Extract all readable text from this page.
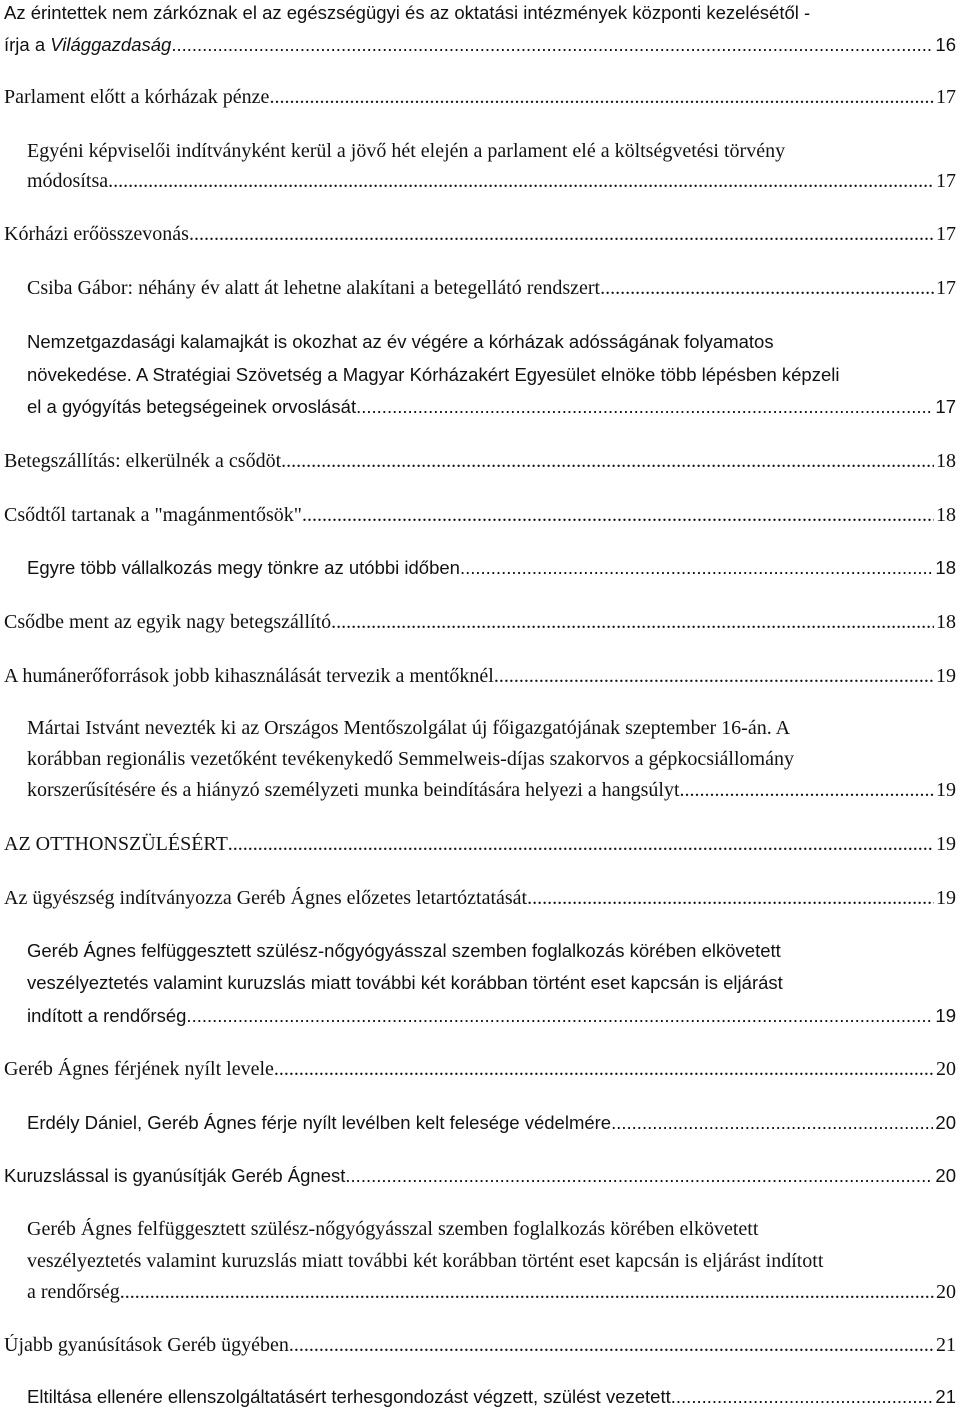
Az érintettek nem zárkóznak el az egészségügyi és az oktatási intézmények központi kezelésétől -
írja a Világgazdaság. .....	16
Parlament előtt a kórházak pénze .....	17
Egyéni képviselői indítványként kerül a jövő hét elején a parlament elé a költségvetési törvény
módosítsa. .....	17
Kórházi erőösszevonás .....	17
Csiba Gábor: néhány év alatt át lehetne alakítani a betegellátó rendszert .....	17
Nemzetgazdasági kalamajkát is okozhat az év végére a kórházak adósságának folyamatos
növekedése. A Stratégiai Szövetség a Magyar Kórházakért Egyesület elnöke több lépésben képzeli
el a gyógyítás betegségeinek orvoslását. .....	17
Betegszállítás: elkerülnék a csődöt .....	18
Csődtől tartanak a "magánmentősök" .....	18
Egyre több vállalkozás megy tönkre az utóbbi időben .....	18
Csődbe ment az egyik nagy betegszállító .....	18
A humánerőforrások jobb kihasználását tervezik a mentőknél .....	19
Mártai Istvánt nevezték ki az Országos Mentőszolgálat új főigazgatójának szeptember 16-án. A
korábban regionális vezetőként tevékenykedő Semmelweis-díjas szakorvos a gépkocsiállomány
korszerűsítésére és a hiányzó személyzeti munka beindítására helyezi a hangsúlyt. .....	19
AZ OTTHONSZÜLÉSÉRT .....	19
Az ügyészség indítványozza Geréb Ágnes előzetes letartóztatását .....	19
Geréb Ágnes felfüggesztett szülész-nőgyógyásszal szemben foglalkozás körében elkövetett
veszélyeztetés valamint kuruzslás miatt további két korábban történt eset kapcsán is eljárást
indított a rendőrség. .....	19
Geréb Ágnes férjének nyílt levele .....	20
Erdély Dániel, Geréb Ágnes férje nyílt levélben kelt felesége védelmére .....	20
Kuruzslással is gyanúsítják Geréb Ágnest .....	20
Geréb Ágnes felfüggesztett szülész-nőgyógyásszal szemben foglalkozás körében elkövetett
veszélyeztetés valamint kuruzslás miatt további két korábban történt eset kapcsán is eljárást indított
a rendőrség. .....	20
Újabb gyanúsítások Geréb ügyében .....	21
Eltiltása ellenére ellenszolgáltatásért terhesgondozást végzett, szülést vezetett .....	21
